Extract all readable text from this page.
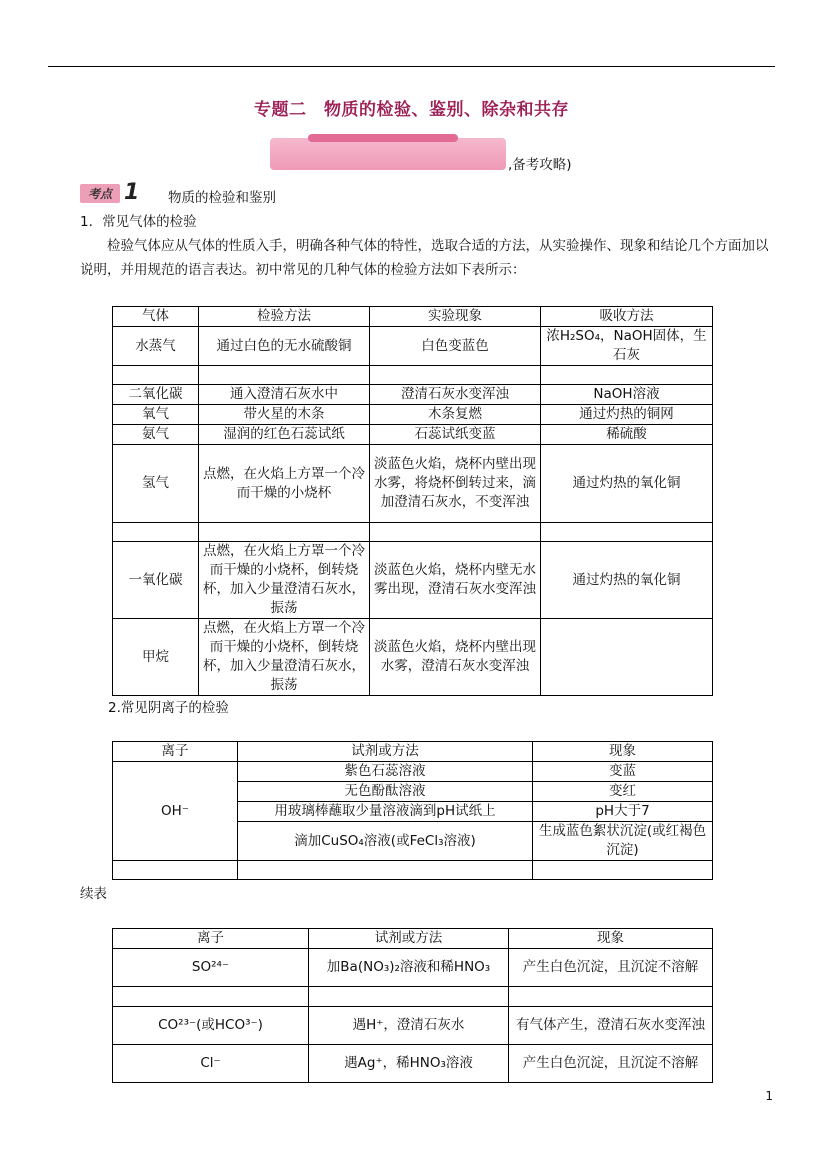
专题二　物质的检验、鉴别、除杂和共存
,备考攻略)
考点 1 物质的检验和鉴别
1．常见气体的检验
  检验气体应从气体的性质入手，明确各种气体的特性，选取合适的方法，从实验操作、现象和结论几个方面加以说明，并用规范的语言表达。初中常见的几种气体的检验方法如下表所示：
气体	检验方法	实验现象	吸收方法
水蒸气	通过白色的无水硫酸铜	白色变蓝色	浓H₂SO₄，NaOH固体，生石灰

二氧化碳	通入澄清石灰水中	澄清石灰水变浑浊	NaOH溶液
氧气	带火星的木条	木条复燃	通过灼热的铜网
氨气	湿润的红色石蕊试纸	石蕊试纸变蓝	稀硫酸
氢气	点燃，在火焰上方罩一个冷而干燥的小烧杯	淡蓝色火焰，烧杯内壁出现水雾，将烧杯倒转过来，滴加澄清石灰水，不变浑浊	通过灼热的氧化铜

一氧化碳	点燃，在火焰上方罩一个冷而干燥的小烧杯，倒转烧杯，加入少量澄清石灰水，振荡	淡蓝色火焰，烧杯内壁无水雾出现，澄清石灰水变浑浊	通过灼热的氧化铜
甲烷	点燃，在火焰上方罩一个冷而干燥的小烧杯，倒转烧杯，加入少量澄清石灰水，振荡	淡蓝色火焰，烧杯内壁出现水雾，澄清石灰水变浑浊	
2.常见阴离子的检验
离子	试剂或方法	现象
OH⁻	紫色石蕊溶液	变蓝
	无色酚酞溶液	变红
	用玻璃棒蘸取少量溶液滴到pH试纸上	pH大于7
	滴加CuSO₄溶液(或FeCl₃溶液)	生成蓝色絮状沉淀(或红褐色沉淀)

续表
离子	试剂或方法	现象
SO²⁴⁻	加Ba(NO₃)₂溶液和稀HNO₃	产生白色沉淀，且沉淀不溶解

CO²³⁻(或HCO³⁻)	遇H⁺，澄清石灰水	有气体产生，澄清石灰水变浑浊
Cl⁻	遇Ag⁺，稀HNO₃溶液	产生白色沉淀，且沉淀不溶解
1
